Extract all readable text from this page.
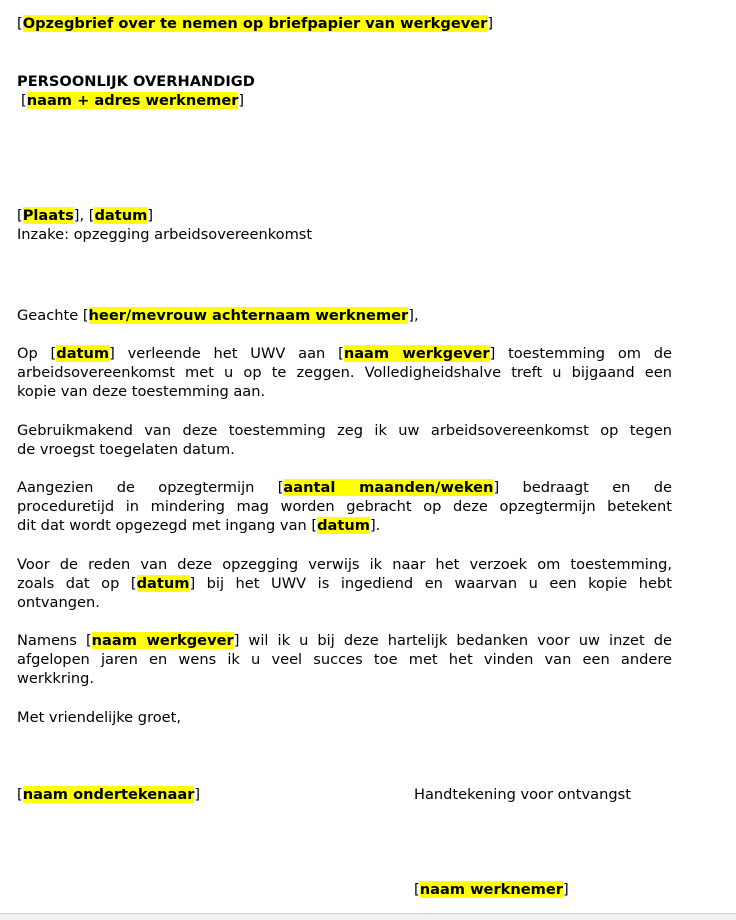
[Opzegbrief over te nemen op briefpapier van werkgever]
PERSOONLIJK OVERHANDIGD
[naam + adres werknemer]
[Plaats], [datum]
Inzake: opzegging arbeidsovereenkomst
Geachte [heer/mevrouw achternaam werknemer],
Op [datum] verleende het UWV aan [naam werkgever] toestemming om de
arbeidsovereenkomst met u op te zeggen. Volledigheidshalve treft u bijgaand een
kopie van deze toestemming aan.
Gebruikmakend van deze toestemming zeg ik uw arbeidsovereenkomst op tegen
de vroegst toegelaten datum.
Aangezien de opzegtermijn [aantal maanden/weken] bedraagt en de
proceduretijd in mindering mag worden gebracht op deze opzegtermijn betekent
dit dat wordt opgezegd met ingang van [datum].
Voor de reden van deze opzegging verwijs ik naar het verzoek om toestemming,
zoals dat op [datum] bij het UWV is ingediend en waarvan u een kopie hebt
ontvangen.
Namens [naam werkgever] wil ik u bij deze hartelijk bedanken voor uw inzet de
afgelopen jaren en wens ik u veel succes toe met het vinden van een andere
werkkring.
Met vriendelijke groet,
[naam ondertekenaar]	Handtekening voor ontvangst
[naam werknemer]
